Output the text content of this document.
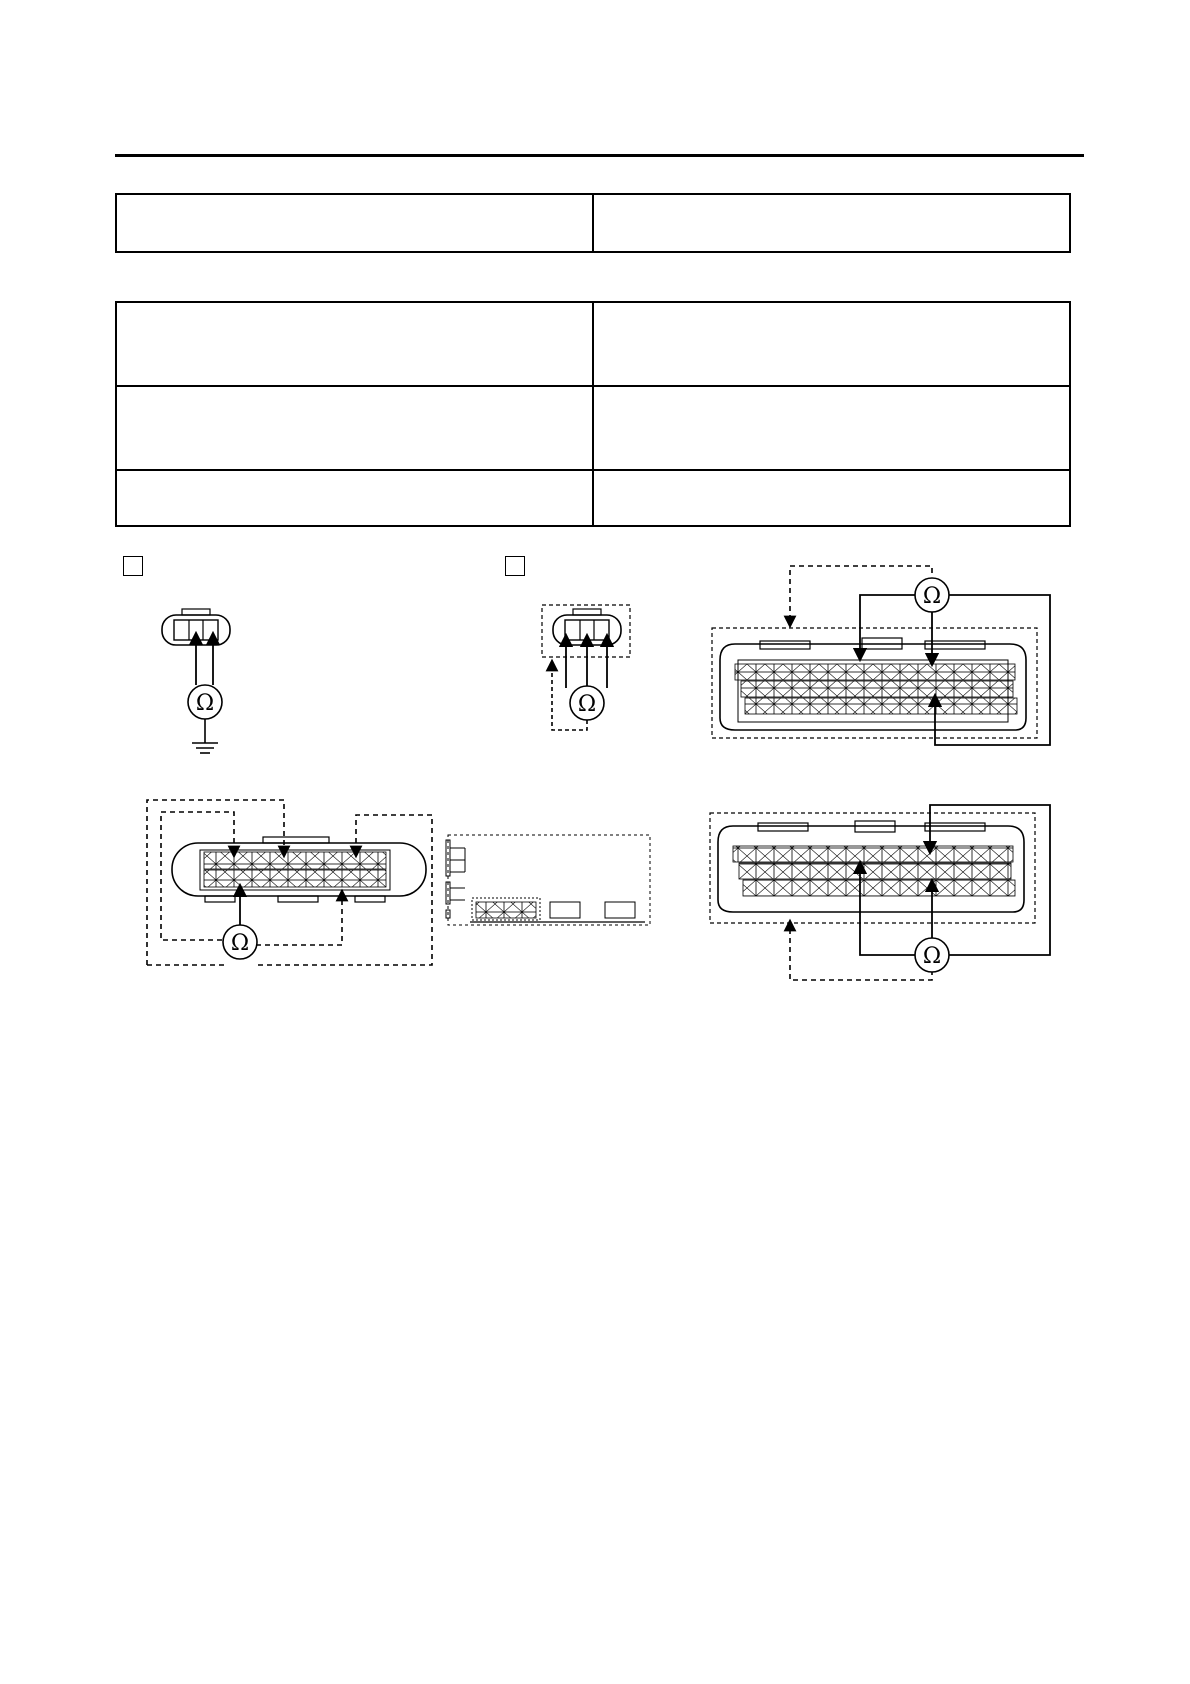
Ω	Ω
Ω
Ω
Ω
